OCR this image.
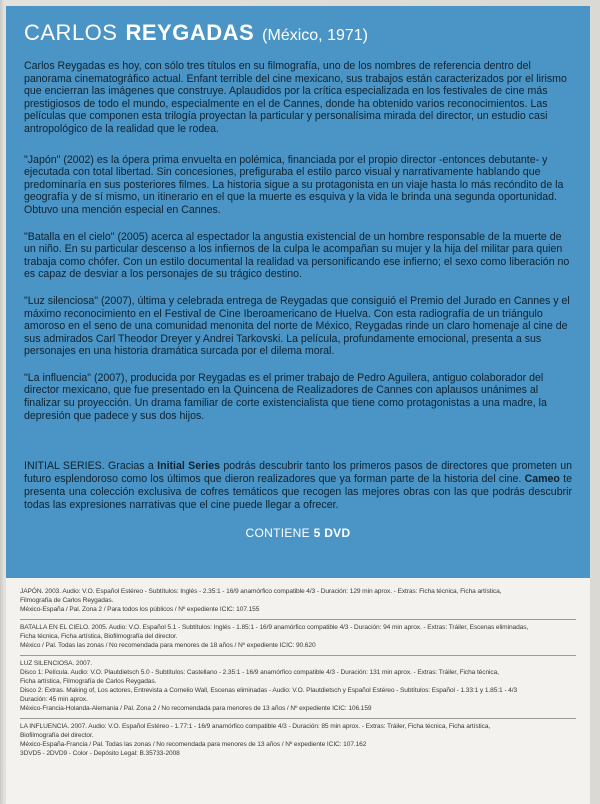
CARLOS REYGADAS (México, 1971)

Carlos Reygadas es hoy, con sólo tres títulos en su filmografía, uno de los nombres de referencia dentro del panorama cinematográfico actual. Enfant terrible del cine mexicano, sus trabajos están caracterizados por el lirismo que encierran las imágenes que construye. Aplaudidos por la crítica especializada en los festivales de cine más prestigiosos de todo el mundo, especialmente en el de Cannes, donde ha obtenido varios reconocimientos. Las películas que componen esta trilogía proyectan la particular y personalísima mirada del director, un estudio casi antropológico de la realidad que le rodea.

"Japón" (2002) es la ópera prima envuelta en polémica, financiada por el propio director -entonces debutante- y ejecutada con total libertad. Sin concesiones, prefiguraba el estilo parco visual y narrativamente hablando que predominaría en sus posteriores filmes. La historia sigue a su protagonista en un viaje hasta lo más recóndito de la geografía y de sí mismo, un itinerario en el que la muerte es esquiva y la vida le brinda una segunda oportunidad. Obtuvo una mención especial en Cannes.

"Batalla en el cielo" (2005) acerca al espectador la angustia existencial de un hombre responsable de la muerte de un niño. En su particular descenso a los infiernos de la culpa le acompañan su mujer y la hija del militar para quien trabaja como chófer. Con un estilo documental la realidad va personificando ese infierno; el sexo como liberación no es capaz de desviar a los personajes de su trágico destino.

"Luz silenciosa" (2007), última y celebrada entrega de Reygadas que consiguió el Premio del Jurado en Cannes y el máximo reconocimiento en el Festival de Cine Iberoamericano de Huelva. Con esta radiografía de un triángulo amoroso en el seno de una comunidad menonita del norte de México, Reygadas rinde un claro homenaje al cine de sus admirados Carl Theodor Dreyer y Andrei Tarkovski. La película, profundamente emocional, presenta a sus personajes en una historia dramática surcada por el dilema moral.

"La influencia" (2007), producida por Reygadas es el primer trabajo de Pedro Aguilera, antiguo colaborador del director mexicano, que fue presentado en la Quincena de Realizadores de Cannes con aplausos unánimes al finalizar su proyección. Un drama familiar de corte existencialista que tiene como protagonistas a una madre, la depresión que padece y sus dos hijos.

INITIAL SERIES. Gracias a Initial Series podrás descubrir tanto los primeros pasos de directores que prometen un futuro esplendoroso como los últimos que dieron realizadores que ya forman parte de la historia del cine. Cameo te presenta una colección exclusiva de cofres temáticos que recogen las mejores obras con las que podrás descubrir todas las expresiones narrativas que el cine puede llegar a ofrecer.

CONTIENE 5 DVD
JAPÓN. 2003. Audio: V.O. Español Estéreo - Subtítulos: Inglés - 2.35:1 - 16/9 anamórfico compatible 4/3 - Duración: 129 min aprox. - Extras: Ficha técnica, Ficha artística,
Filmografía de Carlos Reygadas.
México-España / Pal. Zona 2 / Para todos los públicos / Nº expediente ICIC: 107.155
BATALLA EN EL CIELO. 2005. Audio: V.O. Español 5.1 - Subtítulos: Inglés - 1.85:1 - 16/9 anamórfico compatible 4/3 - Duración: 94 min aprox. - Extras: Tráiler, Escenas eliminadas,
Ficha técnica, Ficha artística, Biofilmografía del director.
México / Pal. Todas las zonas / No recomendada para menores de 18 años / Nº expediente ICIC: 90.620
LUZ SILENCIOSA. 2007.
Disco 1: Película. Audio: V.O. Plautdietsch 5.0 - Subtítulos: Castellano - 2.35:1 - 16/9 anamórfico compatible 4/3 - Duración: 131 min aprox. - Extras: Tráiler, Ficha técnica,
Ficha artística, Filmografía de Carlos Reygadas.
Disco 2: Extras. Making of, Los actores, Entrevista a Cornelio Wall, Escenas eliminadas - Audio: V.O. Plautdietsch y Español Estéreo - Subtítulos: Español - 1.33:1 y 1.85:1 - 4/3
Duración: 45 min aprox.
México-Francia-Holanda-Alemania / Pal. Zona 2 / No recomendada para menores de 13 años / Nº expediente ICIC: 106.159
LA INFLUENCIA. 2007. Audio: V.O. Español Estéreo - 1.77:1 - 16/9 anamórfico compatible 4/3 - Duración: 85 min aprox. - Extras: Tráiler, Ficha técnica, Ficha artística,
Biofilmografía del director.
México-España-Francia / Pal. Todas las zonas / No recomendada para menores de 13 años / Nº expediente ICIC: 107.162
3DVD5 - 2DVD9 - Color - Depósito Legal: B.35733-2008
